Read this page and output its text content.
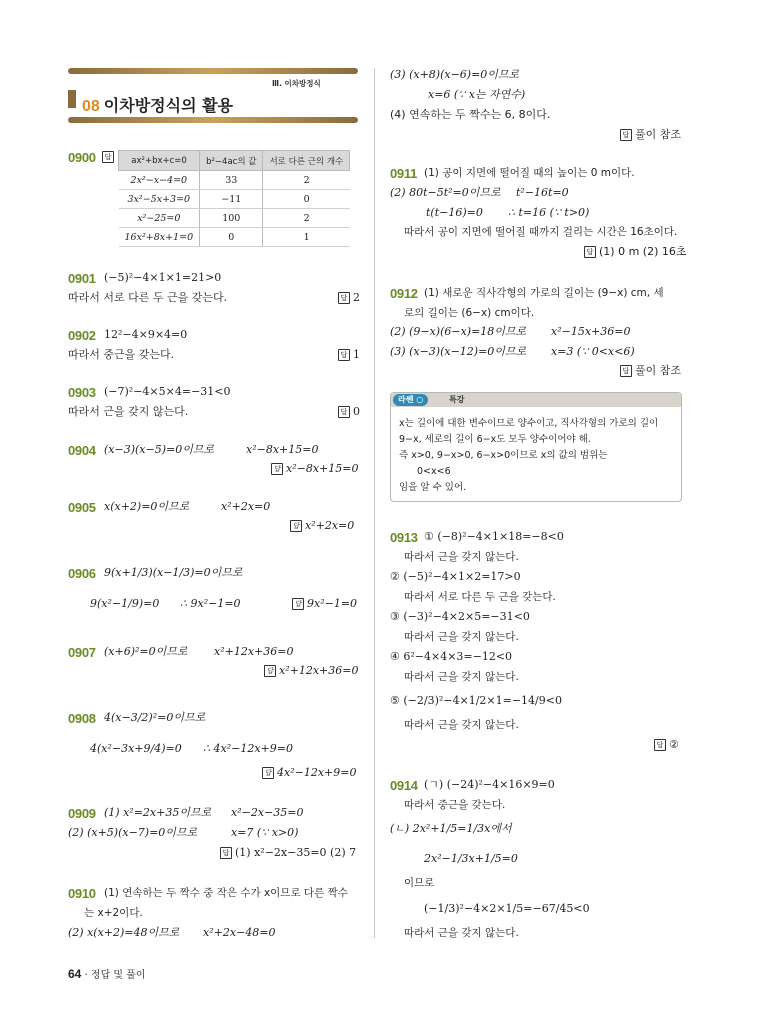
Ⅲ. 이차방정식
08 이차방정식의 활용
0900	답	ax²+bx+c=0	b²−4ac의 값	서로 다른 근의 개수
2x²−x−4=0	33	2
3x²−5x+3=0	−11	0
x²−25=0	100	2
16x²+8x+1=0	0	1
0901 (−5)²−4×1×1=21>0
따라서 서로 다른 두 근을 갖는다.	답 2
0902 12²−4×9×4=0
따라서 중근을 갖는다.	답 1
0903 (−7)²−4×5×4=−31<0
따라서 근을 갖지 않는다.	답 0
0904 (x−3)(x−5)=0이므로	x²−8x+15=0
답 x²−8x+15=0
0905 x(x+2)=0이므로	x²+2x=0
답 x²+2x=0
0906 9(x+1/3)(x−1/3)=0이므로
9(x²−1/9)=0 ∴ 9x²−1=0	답 9x²−1=0
0907 (x+6)²=0이므로 x²+12x+36=0
답 x²+12x+36=0
0908 4(x−3/2)²=0이므로
4(x²−3x+9/4)=0 ∴ 4x²−12x+9=0
답 4x²−12x+9=0
0909 (1) x²=2x+35이므로 x²−2x−35=0
(2) (x+5)(x−7)=0이므로	x=7 (∵ x>0)
답 (1) x²−2x−35=0 (2) 7
0910 (1) 연속하는 두 짝수 중 작은 수가 x이므로 다른 짝수
는 x+2이다.
(2) x(x+2)=48이므로 x²+2x−48=0
(3) (x+8)(x−6)=0이므로
x=6 (∵ x는 자연수)
(4) 연속하는 두 짝수는 6, 8이다.
답 풀이 참조
0911 (1) 공이 지면에 떨어질 때의 높이는 0 m이다.
(2) 80t−5t²=0이므로 t²−16t=0
t(t−16)=0 ∴ t=16 (∵ t>0)
따라서 공이 지면에 떨어질 때까지 걸리는 시간은 16초이다.
답 (1) 0 m (2) 16초
0912 (1) 새로운 직사각형의 가로의 길이는 (9−x) cm, 세
로의 길이는 (6−x) cm이다.
(2) (9−x)(6−x)=18이므로 x²−15x+36=0
(3) (x−3)(x−12)=0이므로 x=3 (∵ 0<x<6)
답 풀이 참조
라쎈 ○	특강
x는 길이에 대한 변수이므로 양수이고, 직사각형의 가로의 길이
9−x, 세로의 길이 6−x도 모두 양수이어야 해.
즉 x>0, 9−x>0, 6−x>0이므로 x의 값의 범위는
0<x<6
임을 알 수 있어.
0913 ① (−8)²−4×1×18=−8<0
따라서 근을 갖지 않는다.
② (−5)²−4×1×2=17>0
따라서 서로 다른 두 근을 갖는다.
③ (−3)²−4×2×5=−31<0
따라서 근을 갖지 않는다.
④ 6²−4×4×3=−12<0
따라서 근을 갖지 않는다.
⑤ (−2/3)²−4×1/2×1=−14/9<0
따라서 근을 갖지 않는다.
답 ②
0914 (ㄱ) (−24)²−4×16×9=0
따라서 중근을 갖는다.
(ㄴ) 2x²+1/5=1/3x에서
2x²−1/3x+1/5=0
이므로
(−1/3)²−4×2×1/5=−67/45<0
따라서 근을 갖지 않는다.
64 · 정답 및 풀이
